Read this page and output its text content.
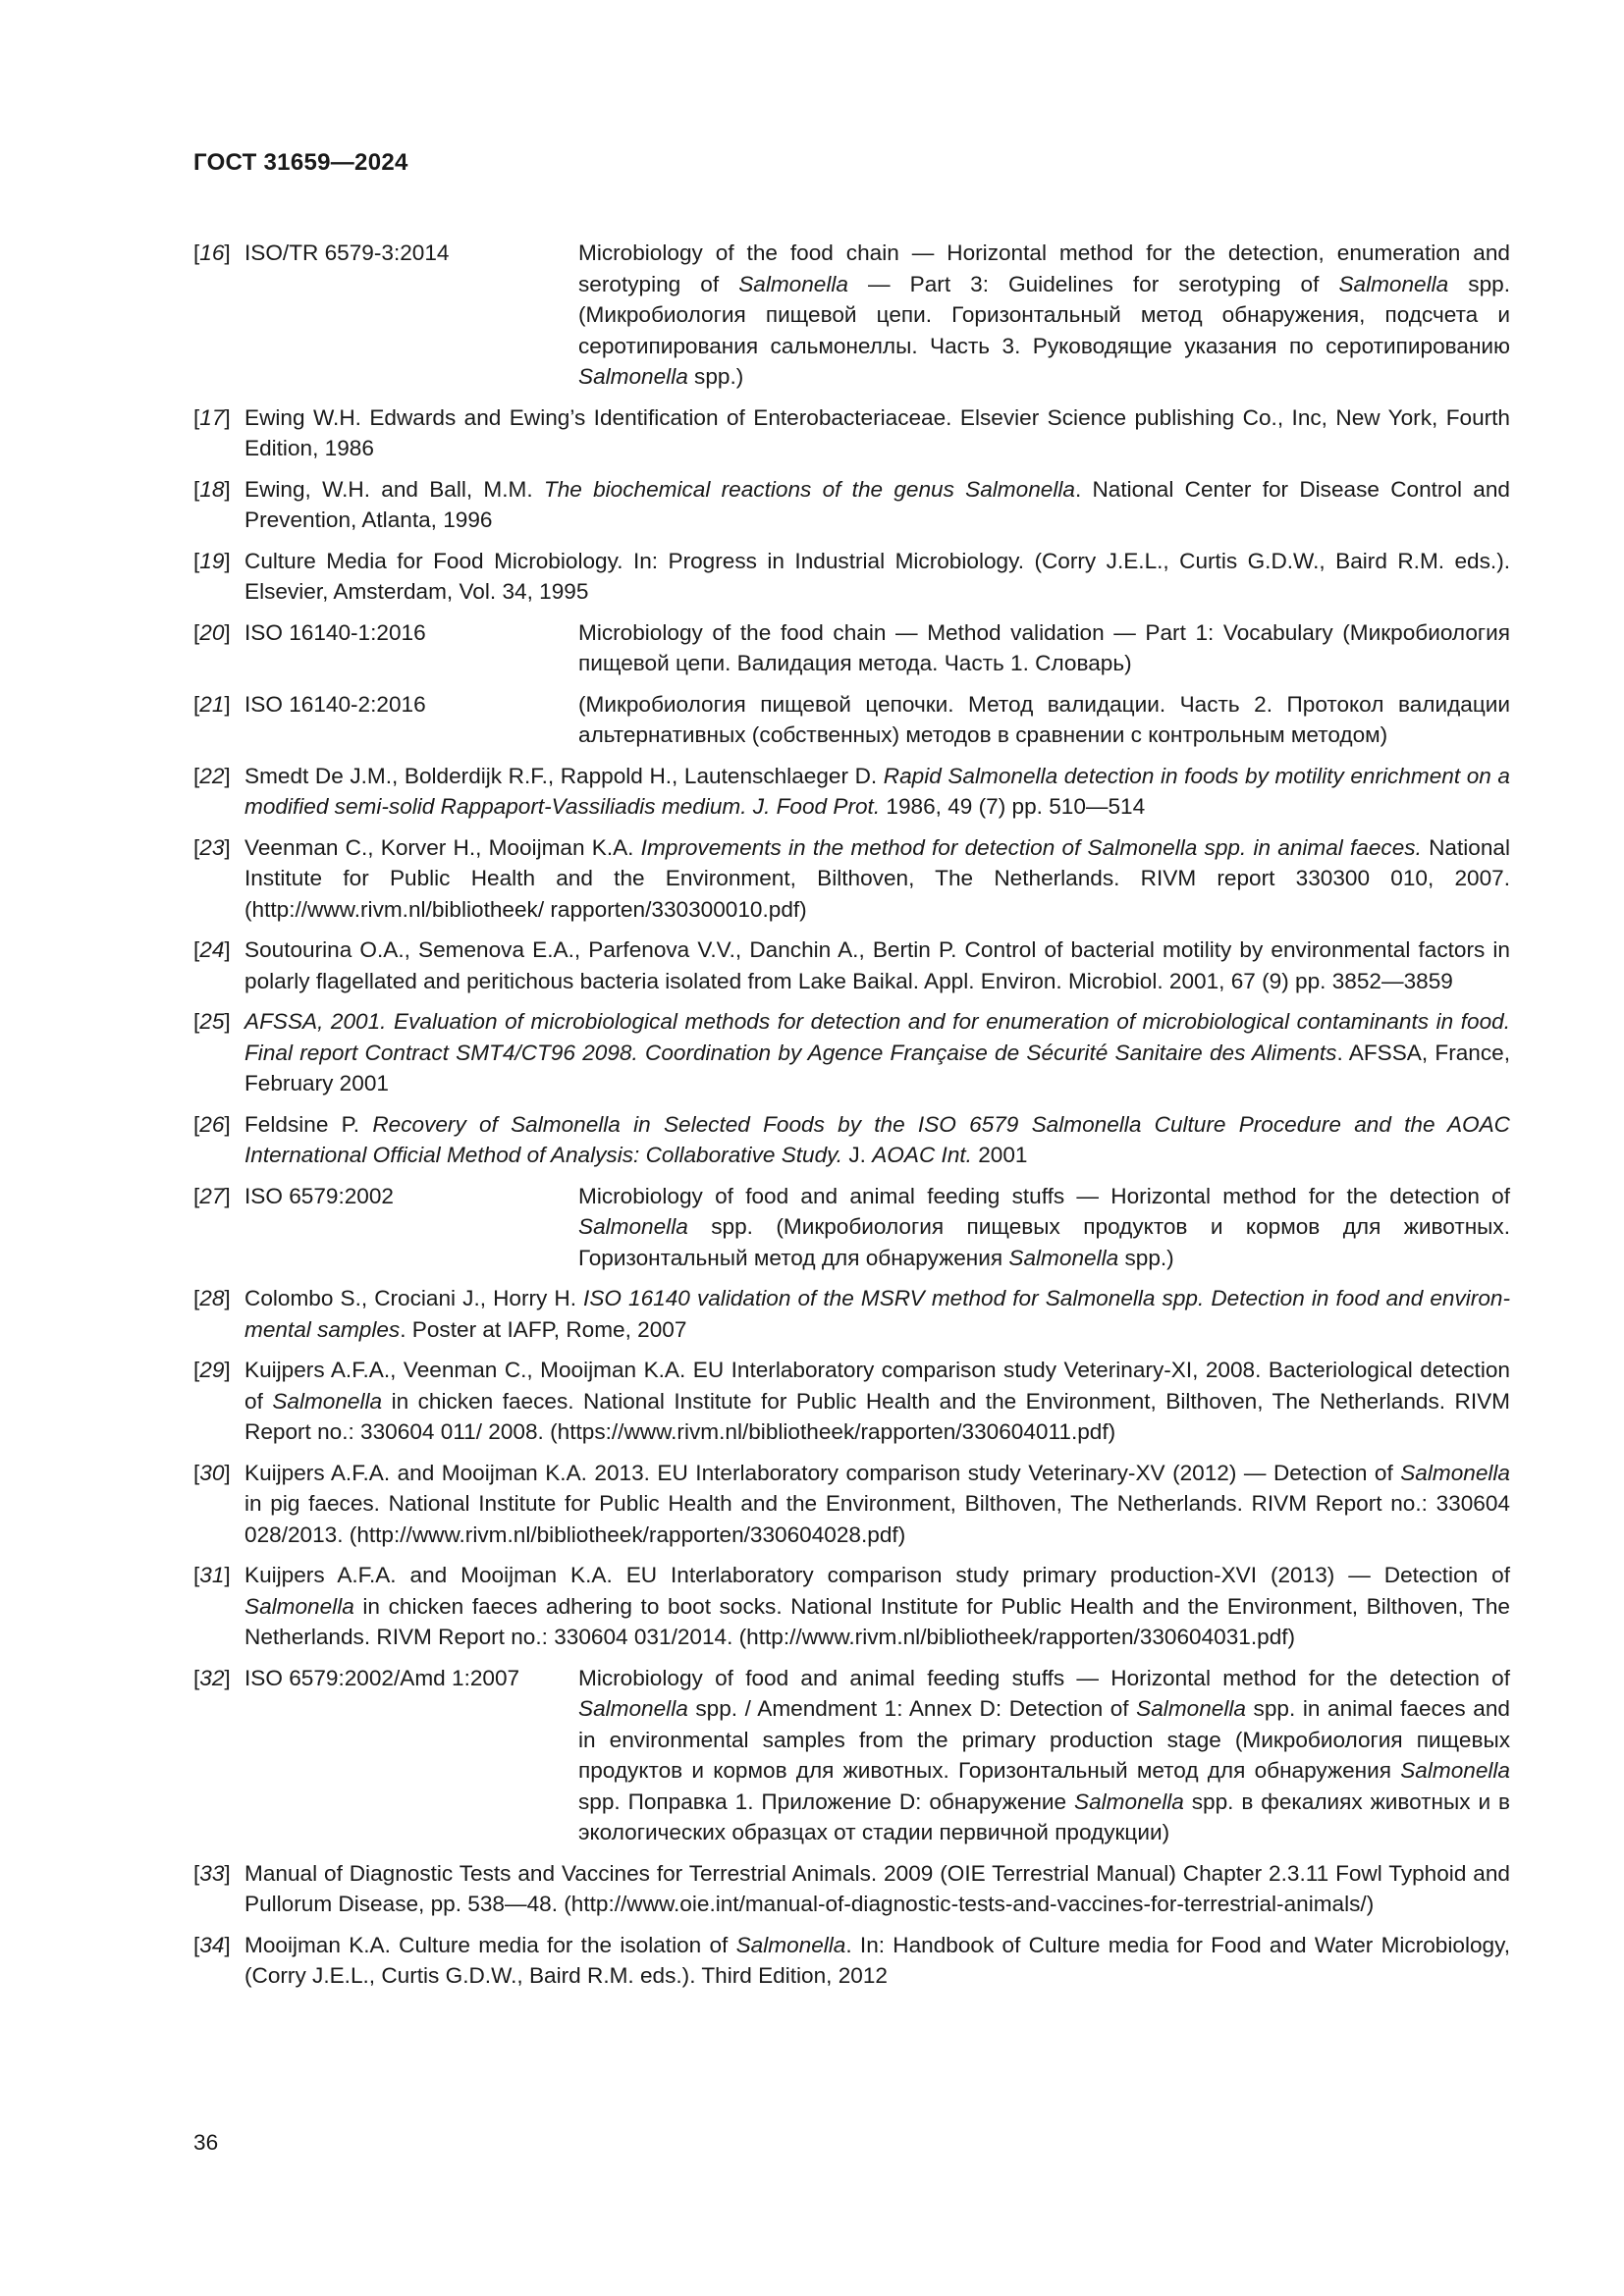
ГОСТ 31659—2024
[16] ISO/TR 6579-3:2014	Microbiology of the food chain — Horizontal method for the detection, enumeration and serotyping of Salmonella — Part 3: Guidelines for serotyping of Salmonella spp. (Микробиология пищевой цепи. Горизонтальный метод обнаружения, подсчета и серотипирования сальмонеллы. Часть 3. Руководящие указания по серотипированию Salmonella spp.)
[17] Ewing W.H. Edwards and Ewing’s Identification of Enterobacteriaceae. Elsevier Science publishing Co., Inc, New York, Fourth Edition, 1986
[18] Ewing, W.H. and Ball, M.M. The biochemical reactions of the genus Salmonella. National Center for Disease Control and Prevention, Atlanta, 1996
[19] Culture Media for Food Microbiology. In: Progress in Industrial Microbiology. (Corry J.E.L., Curtis G.D.W., Baird R.M. eds.). Elsevier, Amsterdam, Vol. 34, 1995
[20] ISO 16140-1:2016	Microbiology of the food chain — Method validation — Part 1: Vocabulary (Микробиология пищевой цепи. Валидация метода. Часть 1. Словарь)
[21] ISO 16140-2:2016	(Микробиология пищевой цепочки. Метод валидации. Часть 2. Протокол валидации альтернативных (собственных) методов в сравнении с контрольным методом)
[22] Smedt De J.M., Bolderdijk R.F., Rappold H., Lautenschlaeger D. Rapid Salmonella detection in foods by motility enrichment on a modified semi-solid Rappaport-Vassiliadis medium. J. Food Prot. 1986, 49 (7) pp. 510—514
[23] Veenman C., Korver H., Mooijman K.A. Improvements in the method for detection of Salmonella spp. in animal faeces. National Institute for Public Health and the Environment, Bilthoven, The Netherlands. RIVM report 330300 010, 2007. (http://www.rivm.nl/bibliotheek/ rapporten/330300010.pdf)
[24] Soutourina O.A., Semenova E.A., Parfenova V.V., Danchin A., Bertin P. Control of bacterial motility by environmental factors in polarly flagellated and peritichous bacteria isolated from Lake Baikal. Appl. Environ. Microbiol. 2001, 67 (9) pp. 3852—3859
[25] AFSSA, 2001. Evaluation of microbiological methods for detection and for enumeration of microbiological contaminants in food. Final report Contract SMT4/CT96 2098. Coordination by Agence Française de Sécurité Sanitaire des Aliments. AFSSA, France, February 2001
[26] Feldsine P. Recovery of Salmonella in Selected Foods by the ISO 6579 Salmonella Culture Procedure and the AOAC International Official Method of Analysis: Collaborative Study. J. AOAC Int. 2001
[27] ISO 6579:2002	Microbiology of food and animal feeding stuffs — Horizontal method for the detection of Salmonella spp. (Микробиология пищевых продуктов и кормов для животных. Горизонтальный метод для обнаружения Salmonella spp.)
[28] Colombo S., Crociani J., Horry H. ISO 16140 validation of the MSRV method for Salmonella spp. Detection in food and environ-mental samples. Poster at IAFP, Rome, 2007
[29] Kuijpers A.F.A., Veenman C., Mooijman K.A. EU Interlaboratory comparison study Veterinary-XI, 2008. Bacteriological detection of Salmonella in chicken faeces. National Institute for Public Health and the Environment, Bilthoven, The Netherlands. RIVM Report no.: 330604 011/ 2008. (https://www.rivm.nl/bibliotheek/rapporten/330604011.pdf)
[30] Kuijpers A.F.A. and Mooijman K.A. 2013. EU Interlaboratory comparison study Veterinary-XV (2012) — Detection of Salmonella in pig faeces. National Institute for Public Health and the Environment, Bilthoven, The Netherlands. RIVM Report no.: 330604 028/2013. (http://www.rivm.nl/bibliotheek/rapporten/330604028.pdf)
[31] Kuijpers A.F.A. and Mooijman K.A. EU Interlaboratory comparison study primary production-XVI (2013) — Detection of Salmonella in chicken faeces adhering to boot socks. National Institute for Public Health and the Environment, Bilthoven, The Netherlands. RIVM Report no.: 330604 031/2014. (http://www.rivm.nl/bibliotheek/rapporten/330604031.pdf)
[32] ISO 6579:2002/Amd 1:2007	Microbiology of food and animal feeding stuffs — Horizontal method for the detection of Salmonella spp. / Amendment 1: Annex D: Detection of Salmonella spp. in animal faeces and in environmental samples from the primary production stage (Микробиология пищевых продуктов и кормов для животных. Горизонтальный метод для обнаружения Salmonella spp. Поправка 1. Приложение D: обнаружение Salmonella spp. в фекалиях животных и в экологических образцах от стадии первичной продукции)
[33] Manual of Diagnostic Tests and Vaccines for Terrestrial Animals. 2009 (OIE Terrestrial Manual) Chapter 2.3.11 Fowl Typhoid and Pullorum Disease, pp. 538—48. (http://www.oie.int/manual-of-diagnostic-tests-and-vaccines-for-terrestrial-animals/)
[34] Mooijman K.A. Culture media for the isolation of Salmonella. In: Handbook of Culture media for Food and Water Microbiology, (Corry J.E.L., Curtis G.D.W., Baird R.M. eds.). Third Edition, 2012
36
